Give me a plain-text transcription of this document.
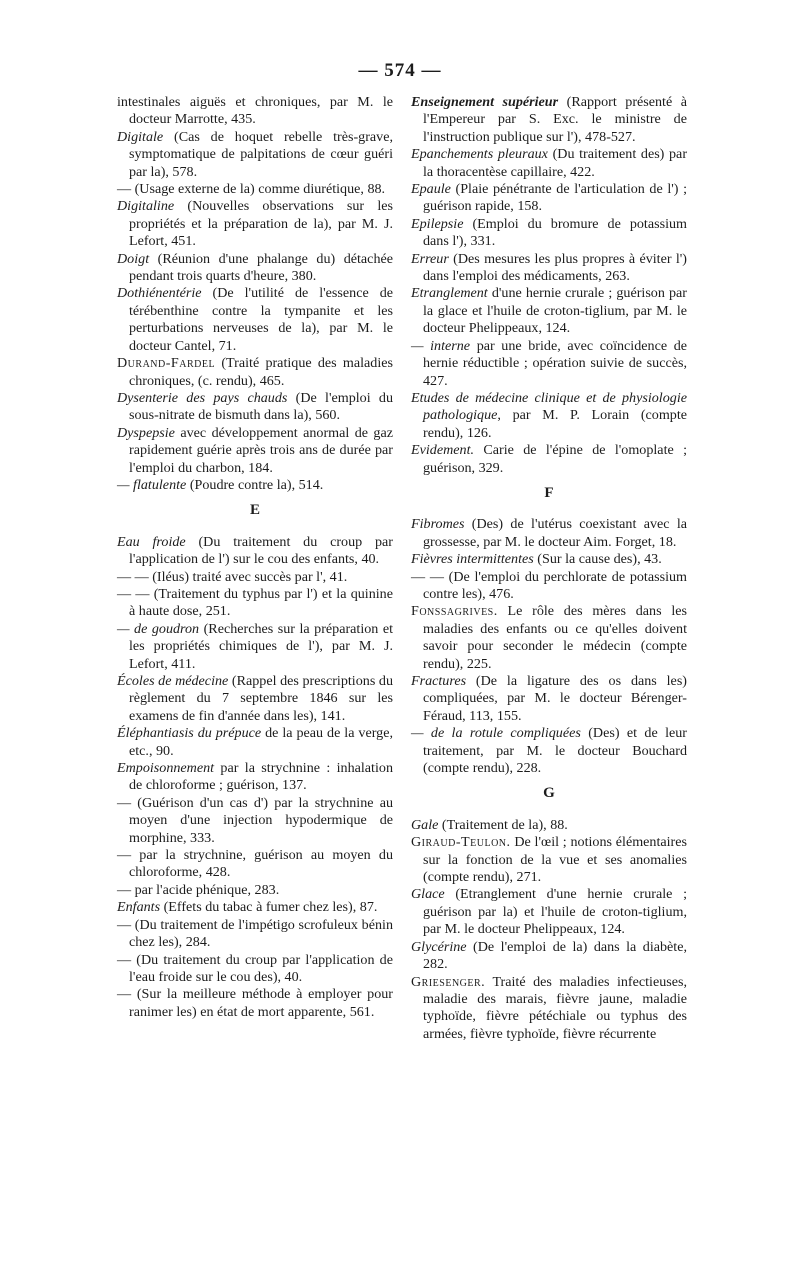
— 574 —

intestinales aiguës et chroniques, par M. le docteur Marrotte, 435.

Digitale (Cas de hoquet rebelle très-grave, symptomatique de palpitations de cœur guéri par la), 578.

— (Usage externe de la) comme diurétique, 88.

Digitaline (Nouvelles observations sur les propriétés et la préparation de la), par M. J. Lefort, 451.

Doigt (Réunion d'une phalange du) détachée pendant trois quarts d'heure, 380.

Dothiénentérie (De l'utilité de l'essence de térébenthine contre la tympanite et les perturbations nerveuses de la), par M. le docteur Cantel, 71.

Durand-Fardel (Traité pratique des maladies chroniques, (c. rendu), 465.

Dysenterie des pays chauds (De l'emploi du sous-nitrate de bismuth dans la), 560.

Dyspepsie avec développement anormal de gaz rapidement guérie après trois ans de durée par l'emploi du charbon, 184.

— flatulente (Poudre contre la), 514.

E

Eau froide (Du traitement du croup par l'application de l') sur le cou des enfants, 40.

— — (Iléus) traité avec succès par l', 41.

— — (Traitement du typhus par l') et la quinine à haute dose, 251.

— de goudron (Recherches sur la préparation et les propriétés chimiques de l'), par M. J. Lefort, 411.

Écoles de médecine (Rappel des prescriptions du règlement du 7 septembre 1846 sur les examens de fin d'année dans les), 141.

Éléphantiasis du prépuce de la peau de la verge, etc., 90.

Empoisonnement par la strychnine : inhalation de chloroforme ; guérison, 137.

— (Guérison d'un cas d') par la strychnine au moyen d'une injection hypodermique de morphine, 333.

— par la strychnine, guérison au moyen du chloroforme, 428.

— par l'acide phénique, 283.

Enfants (Effets du tabac à fumer chez les), 87.

— (Du traitement de l'impétigo scrofuleux bénin chez les), 284.

— (Du traitement du croup par l'application de l'eau froide sur le cou des), 40.

— (Sur la meilleure méthode à employer pour ranimer les) en état de mort apparente, 561.

Enseignement supérieur (Rapport présenté à l'Empereur par S. Exc. le ministre de l'instruction publique sur l'), 478-527.

Epanchements pleuraux (Du traitement des) par la thoracentèse capillaire, 422.

Epaule (Plaie pénétrante de l'articulation de l') ; guérison rapide, 158.

Epilepsie (Emploi du bromure de potassium dans l'), 331.

Erreur (Des mesures les plus propres à éviter l') dans l'emploi des médicaments, 263.

Etranglement d'une hernie crurale ; guérison par la glace et l'huile de croton-tiglium, par M. le docteur Phelippeaux, 124.

— interne par une bride, avec coïncidence de hernie réductible ; opération suivie de succès, 427.

Etudes de médecine clinique et de physiologie pathologique, par M. P. Lorain (compte rendu), 126.

Evidement. Carie de l'épine de l'omoplate ; guérison, 329.

F

Fibromes (Des) de l'utérus coexistant avec la grossesse, par M. le docteur Aim. Forget, 18.

Fièvres intermittentes (Sur la cause des), 43.

— — (De l'emploi du perchlorate de potassium contre les), 476.

Fonssagrives. Le rôle des mères dans les maladies des enfants ou ce qu'elles doivent savoir pour seconder le médecin (compte rendu), 225.

Fractures (De la ligature des os dans les) compliquées, par M. le docteur Bérenger-Féraud, 113, 155.

— de la rotule compliquées (Des) et de leur traitement, par M. le docteur Bouchard (compte rendu), 228.

G

Gale (Traitement de la), 88.

Giraud-Teulon. De l'œil ; notions élémentaires sur la fonction de la vue et ses anomalies (compte rendu), 271.

Glace (Etranglement d'une hernie crurale ; guérison par la) et l'huile de croton-tiglium, par M. le docteur Phelippeaux, 124.

Glycérine (De l'emploi de la) dans la diabète, 282.

Griesenger. Traité des maladies infectieuses, maladie des marais, fièvre jaune, maladie typhoïde, fièvre pétéchiale ou typhus des armées, fièvre typhoïde, fièvre récurrente
